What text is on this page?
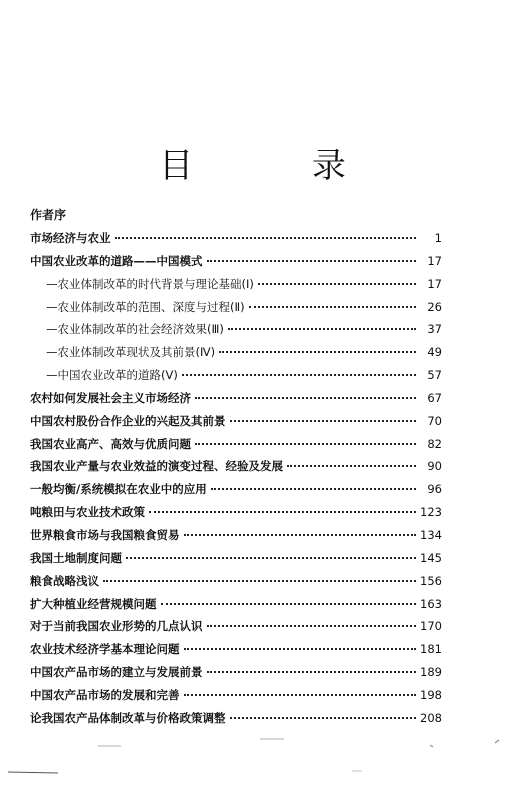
目 录
作者序
市场经济与农业	1
中国农业改革的道路——中国模式	17
—农业体制改革的时代背景与理论基础(Ⅰ)	17
—农业体制改革的范围、深度与过程(Ⅱ)	26
—农业体制改革的社会经济效果(Ⅲ)	37
—农业体制改革现状及其前景(Ⅳ)	49
—中国农业改革的道路(Ⅴ)	57
农村如何发展社会主义市场经济	67
中国农村股份合作企业的兴起及其前景	70
我国农业高产、高效与优质问题	82
我国农业产量与农业效益的演变过程、经验及发展	90
一般均衡/系统模拟在农业中的应用	96
吨粮田与农业技术政策	123
世界粮食市场与我国粮食贸易	134
我国土地制度问题	145
粮食战略浅议	156
扩大种植业经营规模问题	163
对于当前我国农业形势的几点认识	170
农业技术经济学基本理论问题	181
中国农产品市场的建立与发展前景	189
中国农产品市场的发展和完善	198
论我国农产品体制改革与价格政策调整	208
